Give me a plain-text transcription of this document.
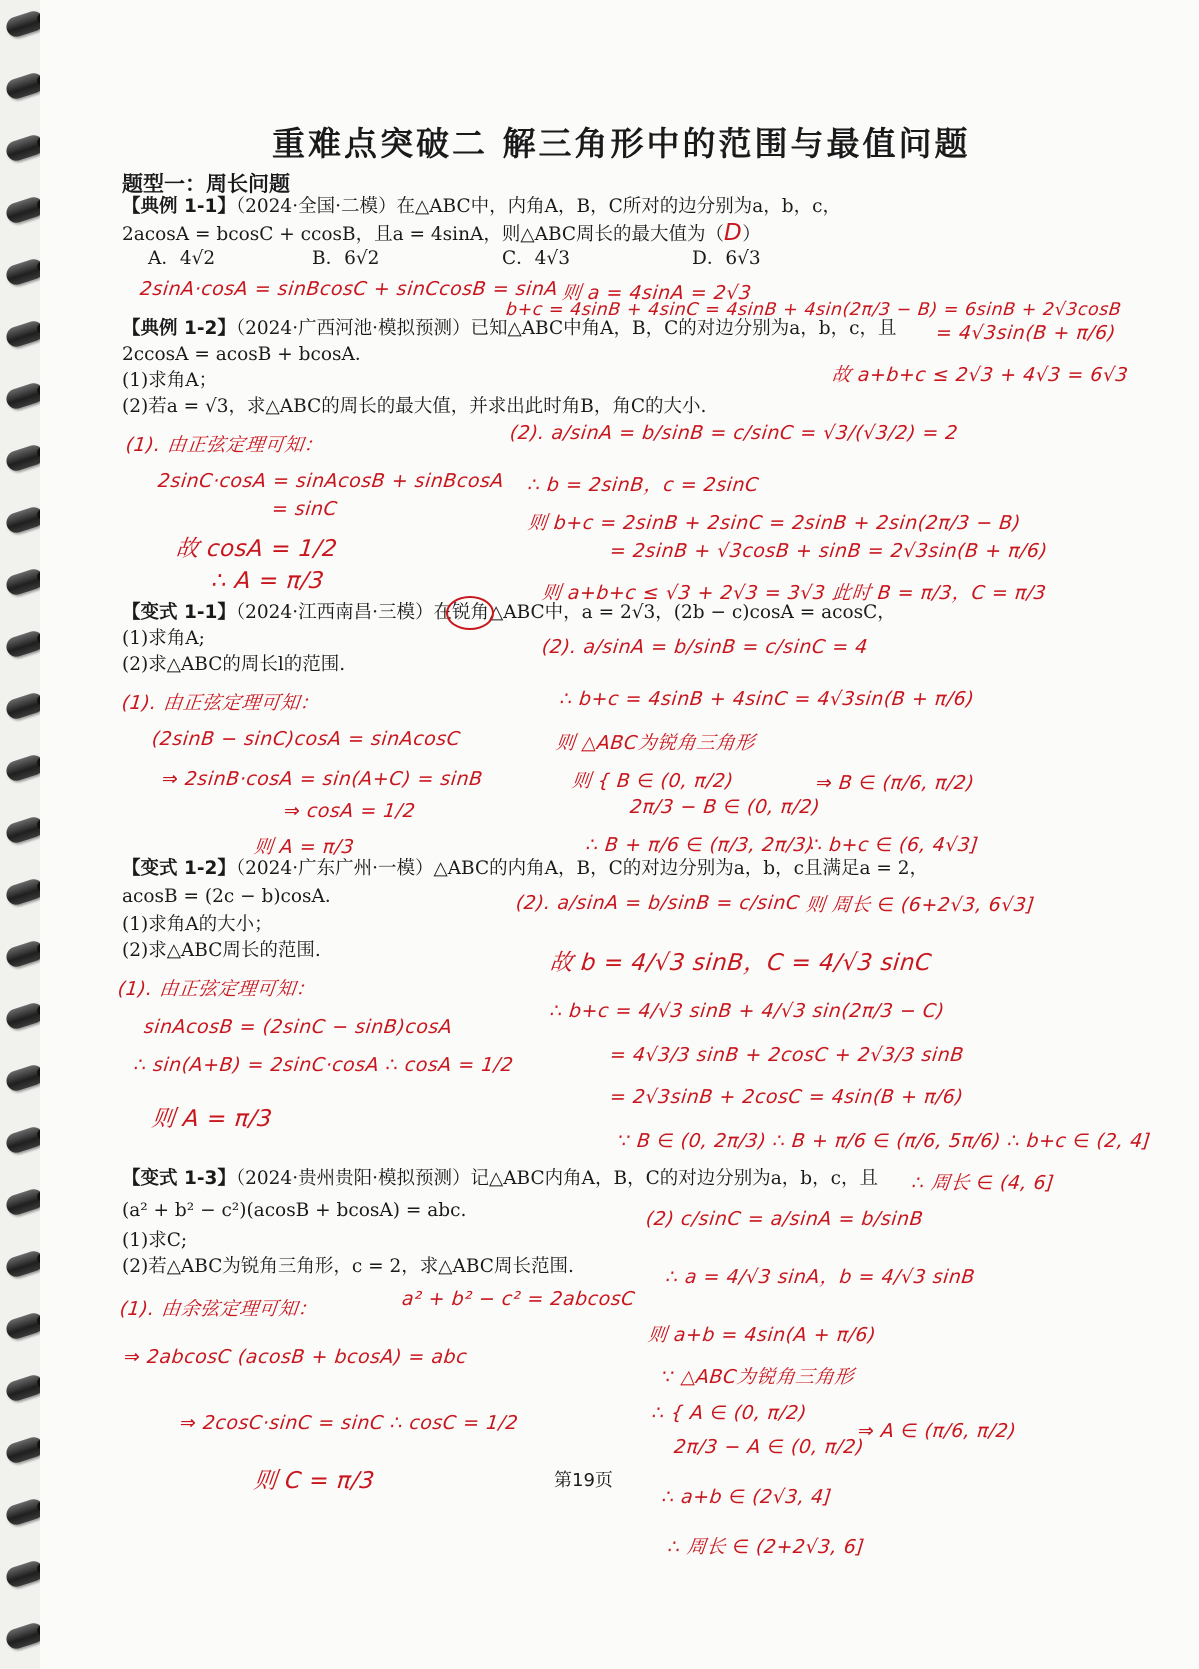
重难点突破二 解三角形中的范围与最值问题
题型一：周长问题
【典例 1-1】（2024·全国·二模）在△ABC中，内角A，B，C所对的边分别为a，b，c，
2acosA = bcosC + ccosB，且a = 4sinA，则△ABC周长的最大值为（D）
A．4√2	B．6√2	C．4√3	D．6√3
2sinA·cosA = sinBcosC + sinCcosB = sinA 则 a = 4sinA = 2√3
b+c = 4sinB + 4sinC = 4sinB + 4sin(2π/3 − B) = 6sinB + 2√3cosB
【典例 1-2】（2024·广西河池·模拟预测）已知△ABC中角A，B，C的对边分别为a，b，c，且 = 4√3sin(B + π/6)
2ccosA = acosB + bcosA．
故 a+b+c ≤ 2√3 + 4√3 = 6√3
(1)求角A；
(2)若a = √3，求△ABC的周长的最大值，并求出此时角B，角C的大小.
(1). 由正弦定理可知：
(2). a/sinA = b/sinB = c/sinC = √3/(√3/2) = 2
2sinC·cosA = sinAcosB + sinBcosA ∴ b = 2sinB，c = 2sinC
= sinC
则 b+c = 2sinB + 2sinC = 2sinB + 2sin(2π/3 − B)
故 cosA = 1/2	= 2sinB + √3cosB + sinB = 2√3sin(B + π/6)
∴ A = π/3	则 a+b+c ≤ √3 + 2√3 = 3√3 此时 B = π/3，C = π/3
【变式 1-1】（2024·江西南昌·三模）在锐角△ABC中，a = 2√3，(2b − c)cosA = acosC，
(1)求角A;	(2). a/sinA = b/sinB = c/sinC = 4
(2)求△ABC的周长l的范围.
(1). 由正弦定理可知：	∴ b+c = 4sinB + 4sinC = 4√3sin(B + π/6)
(2sinB − sinC)cosA = sinAcosC	则 △ABC为锐角三角形
⇒ 2sinB·cosA = sin(A+C) = sinB	则 { B ∈ (0, π/2)	⇒ B ∈ (π/6, π/2)
⇒ cosA = 1/2	2π/3 − B ∈ (0, π/2)
则 A = π/3	∴ B + π/6 ∈ (π/3, 2π/3)
∴ b+c ∈ (6, 4√3]
【变式 1-2】（2024·广东广州·一模）△ABC的内角A，B，C的对边分别为a，b，c且满足a = 2，
acosB = (2c − b)cosA．	(2). a/sinA = b/sinB = c/sinC 则 周长 ∈ (6+2√3, 6√3]
(1)求角A的大小；
(2)求△ABC周长的范围.	故 b = 4/√3 sinB，C = 4/√3 sinC
(1). 由正弦定理可知：
∴ b+c = 4/√3 sinB + 4/√3 sin(2π/3 − C)
sinAcosB = (2sinC − sinB)cosA
= 4√3/3 sinB + 2cosC + 2√3/3 sinB
∴ sin(A+B) = 2sinC·cosA ∴ cosA = 1/2
= 2√3sinB + 2cosC = 4sin(B + π/6)
则 A = π/3
∵ B ∈ (0, 2π/3) ∴ B + π/6 ∈ (π/6, 5π/6) ∴ b+c ∈ (2, 4]
【变式 1-3】（2024·贵州贵阳·模拟预测）记△ABC内角A，B，C的对边分别为a，b，c，且 ∴ 周长 ∈ (4, 6]
(a² + b² − c²)(acosB + bcosA) = abc.	(2) c/sinC = a/sinA = b/sinB
(1)求C;
(2)若△ABC为锐角三角形，c = 2，求△ABC周长范围.	∴ a = 4/√3 sinA，b = 4/√3 sinB
(1). 由余弦定理可知：	a² + b² − c² = 2abcosC
则 a+b = 4sin(A + π/6)
⇒ 2abcosC (acosB + bcosA) = abc
∵ △ABC为锐角三角形
∴ { A ∈ (0, π/2)
⇒ A ∈ (π/6, π/2)
⇒ 2cosC·sinC = sinC ∴ cosC = 1/2
2π/3 − A ∈ (0, π/2)
则 C = π/3	第19页
∴ a+b ∈ (2√3, 4]
∴ 周长 ∈ (2+2√3, 6]
